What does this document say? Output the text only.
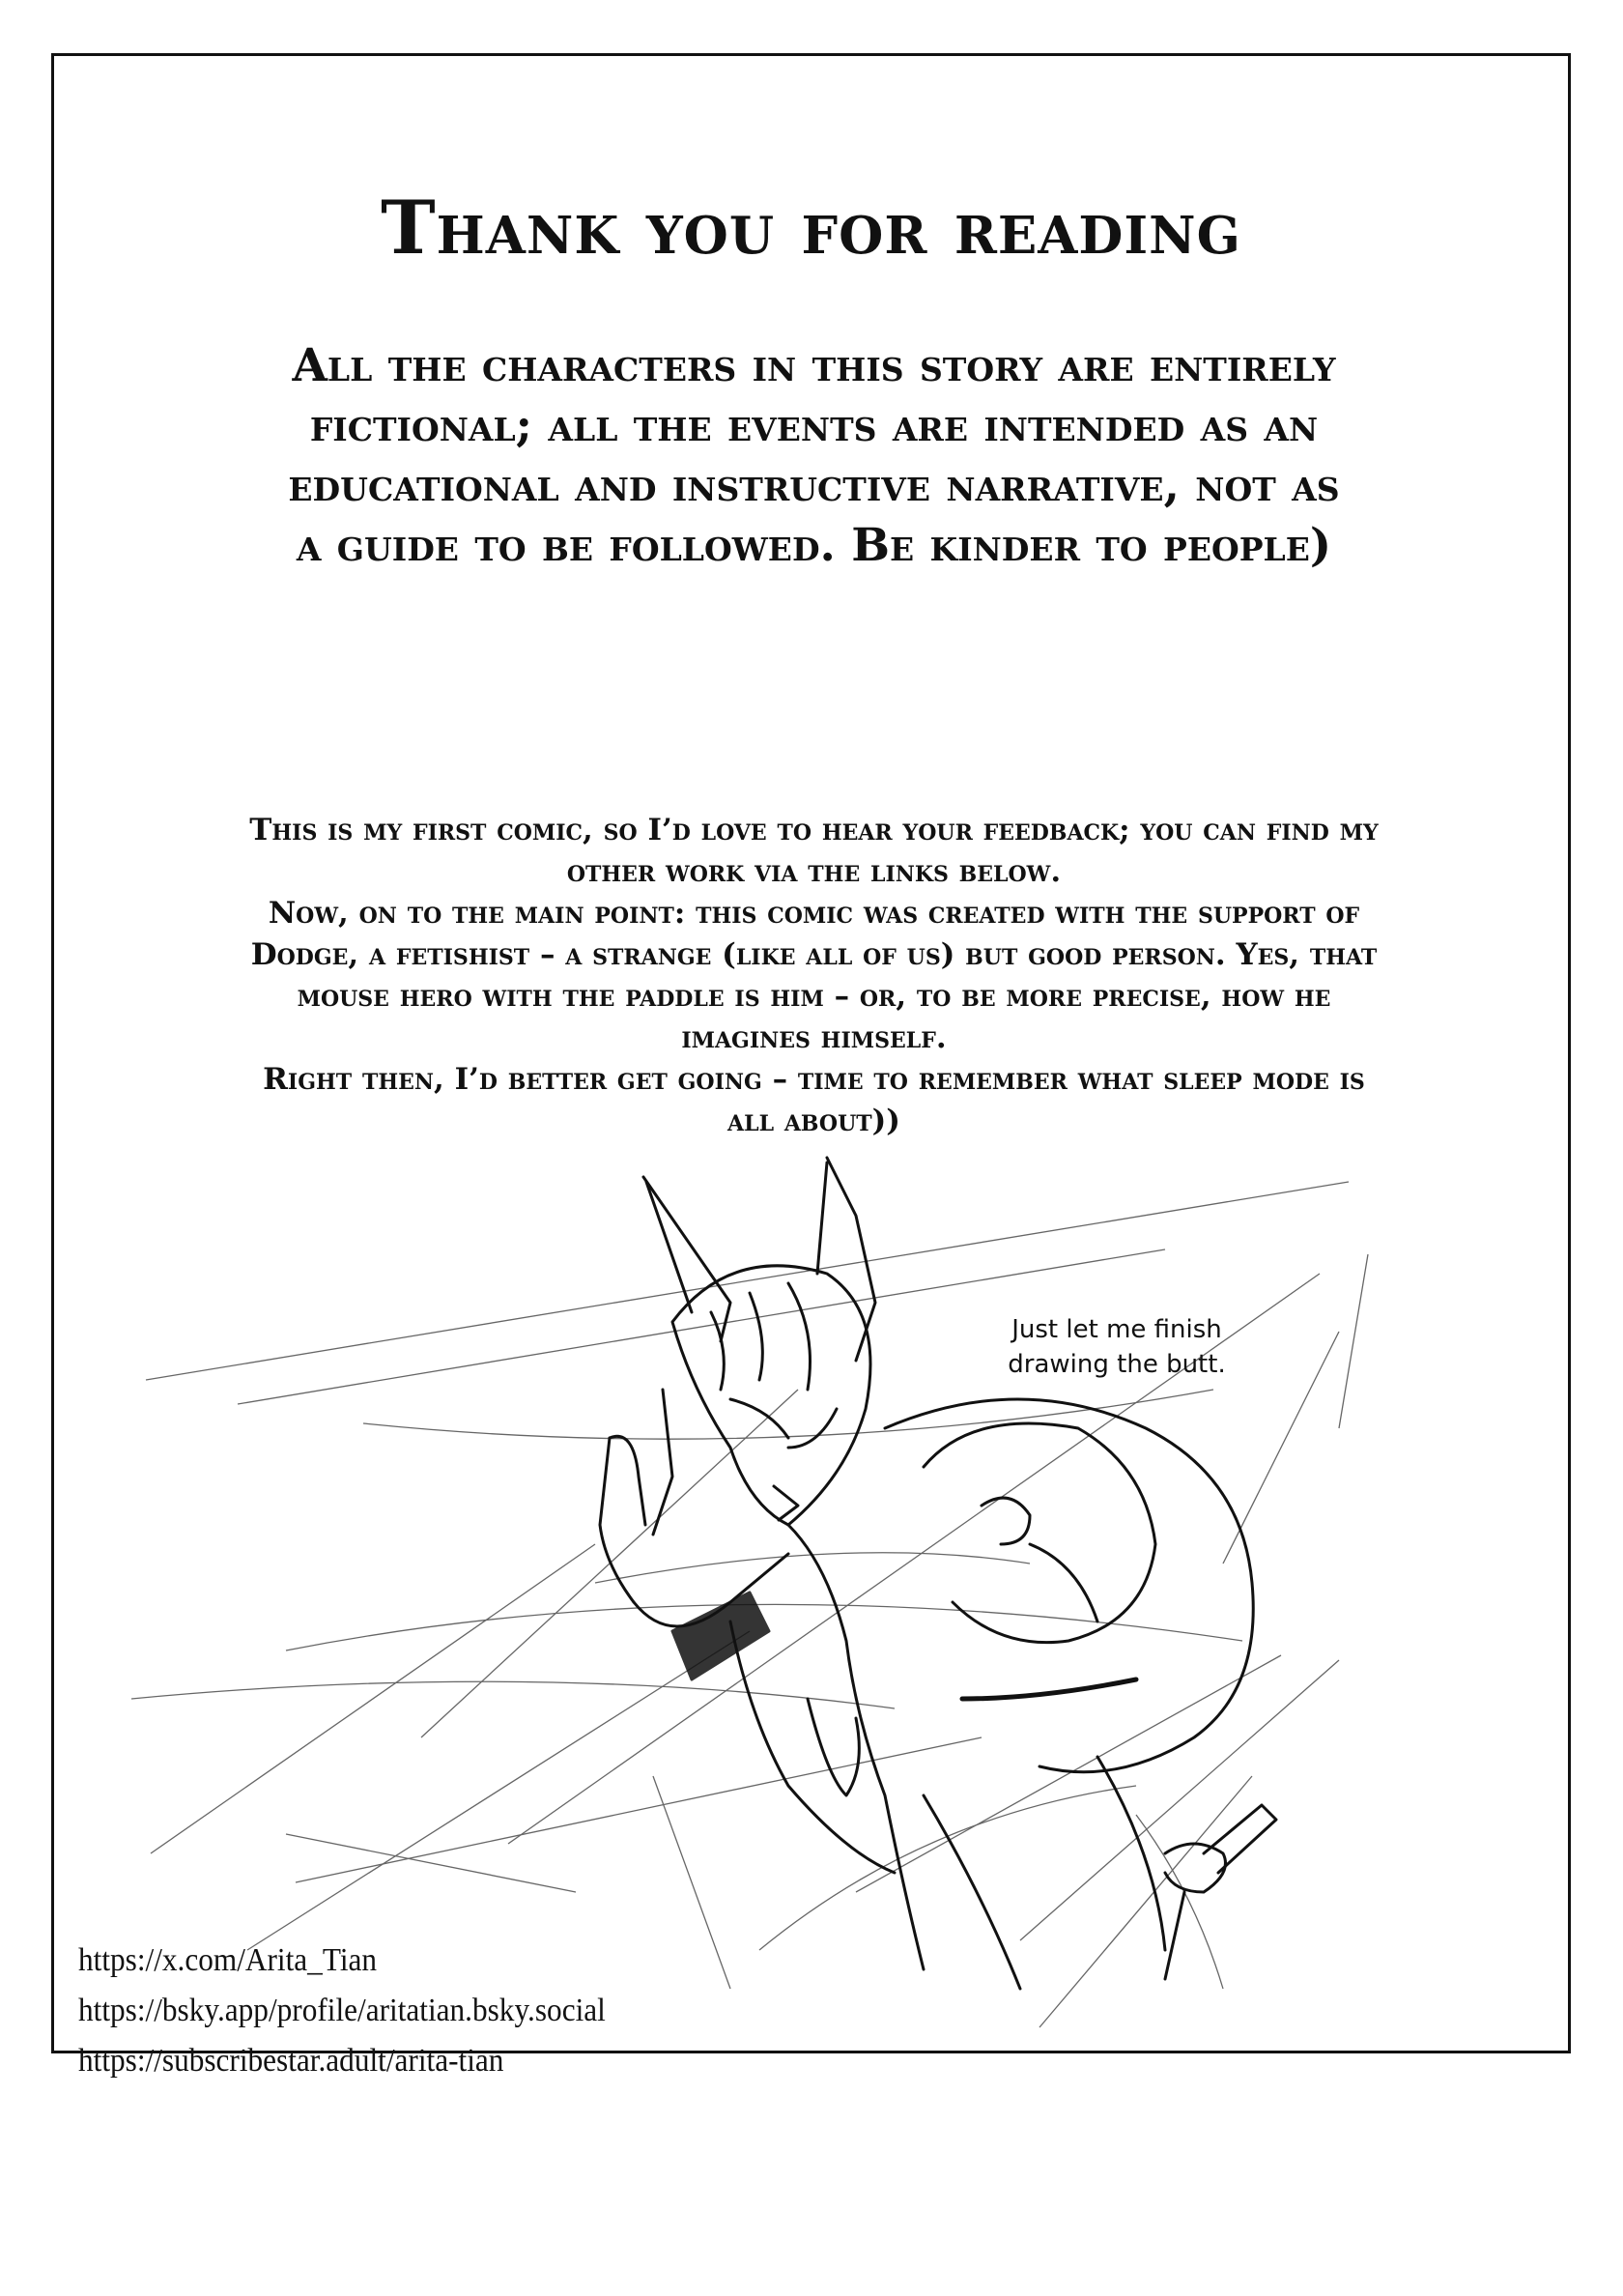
Thank you for reading
All the characters in this story are entirely
fictional; all the events are intended as an
educational and instructive narrative, not as
a guide to be followed. Be kinder to people)
This is my first comic, so I’d love to hear your feedback; you can find my
other work via the links below.
Now, on to the main point: this comic was created with the support of
Dodge, a fetishist – a strange (like all of us) but good person. Yes, that
mouse hero with the paddle is him – or, to be more precise, how he
imagines himself.
Right then, I’d better get going – time to remember what sleep mode is
all about))
Just let me finish
drawing the butt.
https://x.com/Arita_Tian
https://bsky.app/profile/aritatian.bsky.social
https://subscribestar.adult/arita-tian
